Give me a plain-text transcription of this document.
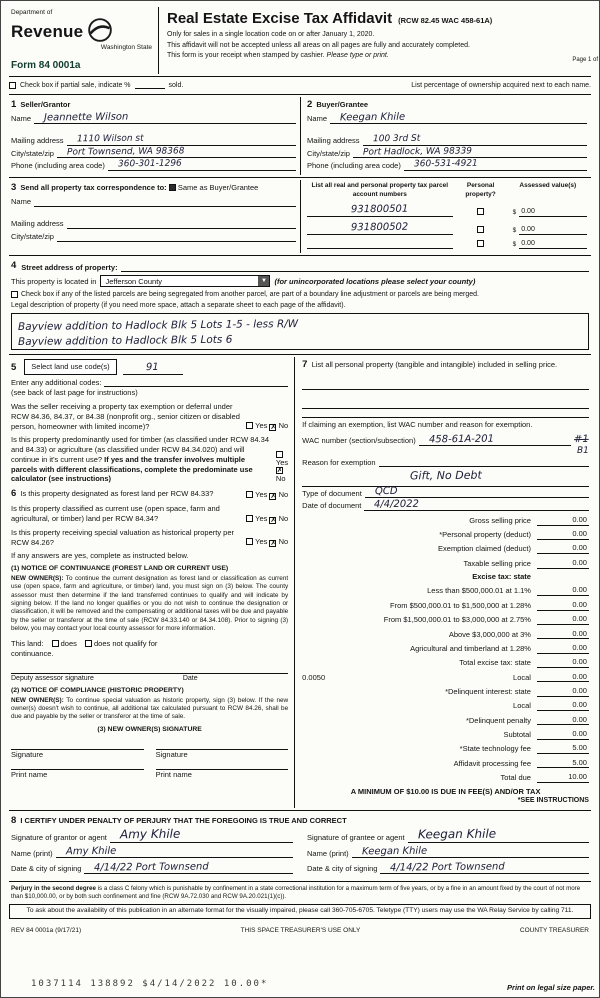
Department of
Revenue
Washington State
Form 84 0001a
Real Estate Excise Tax Affidavit (RCW 82.45 WAC 458-61A)
Only for sales in a single location code on or after January 1, 2020.
This affidavit will not be accepted unless all areas on all pages are fully and accurately completed.
This form is your receipt when stamped by cashier. Please type or print.
Page 1 of
Check box if partial sale, indicate %	sold.	List percentage of ownership acquired next to each name.
1 Seller/Grantor
Name Jeannette Wilson
Mailing address 1110 Wilson st
City/state/zip Port Townsend, WA 98368
Phone (including area code) 360-301-1296
2 Buyer/Grantee
Name Keegan Khile
Mailing address 100 3rd St
City/state/zip Port Hadlock, WA 98339
Phone (including area code) 360-531-4921
3 Send all property tax correspondence to: Same as Buyer/Grantee
Name
Mailing address
City/state/zip
List all real and personal property tax parcel account numbers
Personal property?
Assessed value(s)
931800501	$ 0.00
931800502	$ 0.00
$ 0.00
4 Street address of property:
This property is located in Jefferson County	▼	(for unincorporated locations please select your county)
Check box if any of the listed parcels are being segregated from another parcel, are part of a boundary line adjustment or parcels are being merged.
Legal description of property (if you need more space, attach a separate sheet to each page of the affidavit).
Bayview addition to Hadlock Blk 5 Lots 1-5 - less R/W
Bayview addition to Hadlock Blk 5 Lots 6
5	Select land use code(s)	91
Enter any additional codes:
(see back of last page for instructions)
Was the seller receiving a property tax exemption or deferral under RCW 84.36, 84.37, or 84.38 (nonprofit org., senior citizen or disabled person, homeowner with limited income)?	Yes ✗ No
Is this property predominantly used for timber (as classified under RCW 84.34 and 84.33) or agriculture (as classified under RCW 84.34.020) and will continue in it's current use? If yes and the transfer involves multiple parcels with different classifications, complete the predominate use calculator (see instructions)
Yes
✗
No
6 Is this property designated as forest land per RCW 84.33?	Yes ✗ No
Is this property classified as current use (open space, farm and agricultural, or timber) land per RCW 84.34?	Yes ✗ No
Is this property receiving special valuation as historical property per RCW 84.26?	Yes ✗ No
If any answers are yes, complete as instructed below.
(1) NOTICE OF CONTINUANCE (FOREST LAND OR CURRENT USE)
NEW OWNER(S): To continue the current designation as forest land or classification as current use (open space, farm and agriculture, or timber) land, you must sign on (3) below. The county assessor must then determine if the land transferred continues to qualify and will indicate by signing below. If the land no longer qualifies or you do not wish to continue the designation or classification, it will be removed and the compensating or additional taxes will be due and payable by the seller or transferor at the time of sale (RCW 84.33.140 or 84.34.108). Prior to signing (3) below, you may contact your local county assessor for more information.
This land:	does	does not qualify for
continuance.
Deputy assessor signature	Date
(2) NOTICE OF COMPLIANCE (HISTORIC PROPERTY)
NEW OWNER(S): To continue special valuation as historic property, sign (3) below. If the new owner(s) doesn't wish to continue, all additional tax calculated pursuant to RCW 84.26, shall be due and payable by the seller or transferor at the time of sale.
(3) NEW OWNER(S) SIGNATURE
Signature	Signature
Print name	Print name
7 List all personal property (tangible and intangible) included in selling price.
If claiming an exemption, list WAC number and reason for exemption.
WAC number (section/subsection) 458-61A-201	#1
B1
Reason for exemption
Gift, No Debt
Type of document QCD
Date of document 4/4/2022
Gross selling price	0.00
*Personal property (deduct)	0.00
Exemption claimed (deduct)	0.00
Taxable selling price	0.00
Excise tax: state
Less than $500,000.01 at 1.1%	0.00
From $500,000.01 to $1,500,000 at 1.28%	0.00
From $1,500,000.01 to $3,000,000 at 2.75%	0.00
Above $3,000,000 at 3%	0.00
Agricultural and timberland at 1.28%	0.00
Total excise tax: state	0.00
0.0050	Local	0.00
*Delinquent interest: state	0.00
Local	0.00
*Delinquent penalty	0.00
Subtotal	0.00
*State technology fee	5.00
Affidavit processing fee	5.00
Total due	10.00
A MINIMUM OF $10.00 IS DUE IN FEE(S) AND/OR TAX
*SEE INSTRUCTIONS
8 I CERTIFY UNDER PENALTY OF PERJURY THAT THE FOREGOING IS TRUE AND CORRECT
Signature of grantor or agent Amy Khile
Name (print) Amy Khile
Date & city of signing 4/14/22 Port Townsend
Signature of grantee or agent Keegan Khile
Name (print) Keegan Khile
Date & city of signing 4/14/22 Port Townsend
Perjury in the second degree is a class C felony which is punishable by confinement in a state correctional institution for a maximum term of five years, or by a fine in an amount fixed by the court of not more than $10,000.00, or by both such confinement and fine (RCW 9A.72.030 and RCW 9A.20.021(1)(c)).
To ask about the availability of this publication in an alternate format for the visually impaired, please call 360-705-6705. Teletype (TTY) users may use the WA Relay Service by calling 711.
REV 84 0001a (9/17/21)	THIS SPACE TREASURER'S USE ONLY	COUNTY TREASURER
1037114 138892 $4/14/2022 10.00*	Print on legal size paper.
